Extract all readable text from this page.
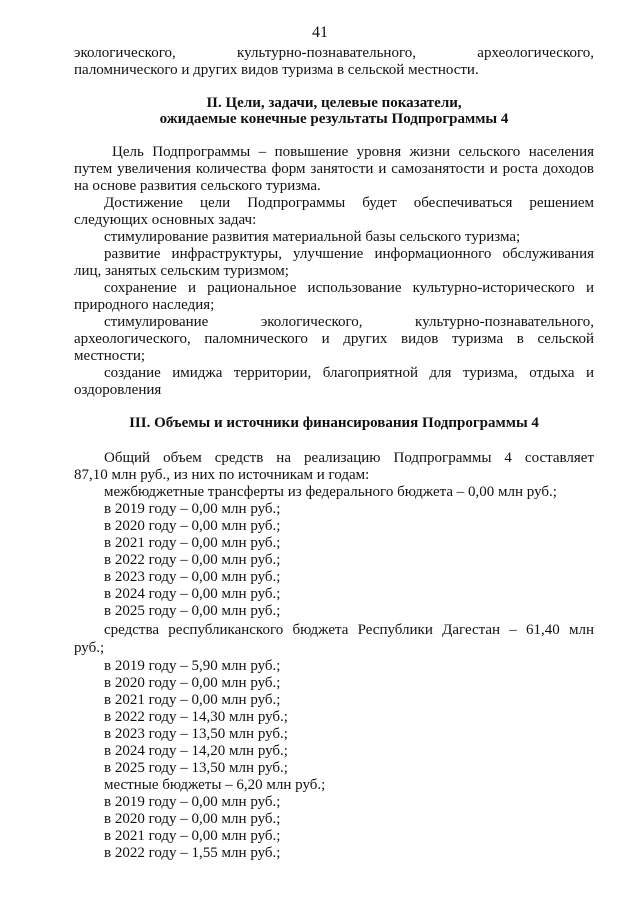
41
экологического, культурно-познавательного, археологического,
паломнического и других видов туризма в сельской местности.
II. Цели, задачи, целевые показатели,
ожидаемые конечные результаты Подпрограммы 4
Цель Подпрограммы – повышение уровня жизни сельского населения
путем увеличения количества форм занятости и самозанятости и роста доходов
на основе развития сельского туризма.
Достижение цели Подпрограммы будет обеспечиваться решением
следующих основных задач:
стимулирование развития материальной базы сельского туризма;
развитие инфраструктуры, улучшение информационного обслуживания
лиц, занятых сельским туризмом;
сохранение и рациональное использование культурно-исторического и
природного наследия;
стимулирование экологического, культурно-познавательного,
археологического, паломнического и других видов туризма в сельской
местности;
создание имиджа территории, благоприятной для туризма, отдыха и
оздоровления
III. Объемы и источники финансирования Подпрограммы 4
Общий объем средств на реализацию Подпрограммы 4 составляет
87,10 млн руб., из них по источникам и годам:
межбюджетные трансферты из федерального бюджета – 0,00 млн руб.;
в 2019 году – 0,00 млн руб.;
в 2020 году – 0,00 млн руб.;
в 2021 году – 0,00 млн руб.;
в 2022 году – 0,00 млн руб.;
в 2023 году – 0,00 млн руб.;
в 2024 году – 0,00 млн руб.;
в 2025 году – 0,00 млн руб.;
средства республиканского бюджета Республики Дагестан – 61,40 млн
руб.;
в 2019 году – 5,90 млн руб.;
в 2020 году – 0,00 млн руб.;
в 2021 году – 0,00 млн руб.;
в 2022 году – 14,30 млн руб.;
в 2023 году – 13,50 млн руб.;
в 2024 году – 14,20 млн руб.;
в 2025 году – 13,50 млн руб.;
местные бюджеты – 6,20 млн руб.;
в 2019 году – 0,00 млн руб.;
в 2020 году – 0,00 млн руб.;
в 2021 году – 0,00 млн руб.;
в 2022 году – 1,55 млн руб.;
